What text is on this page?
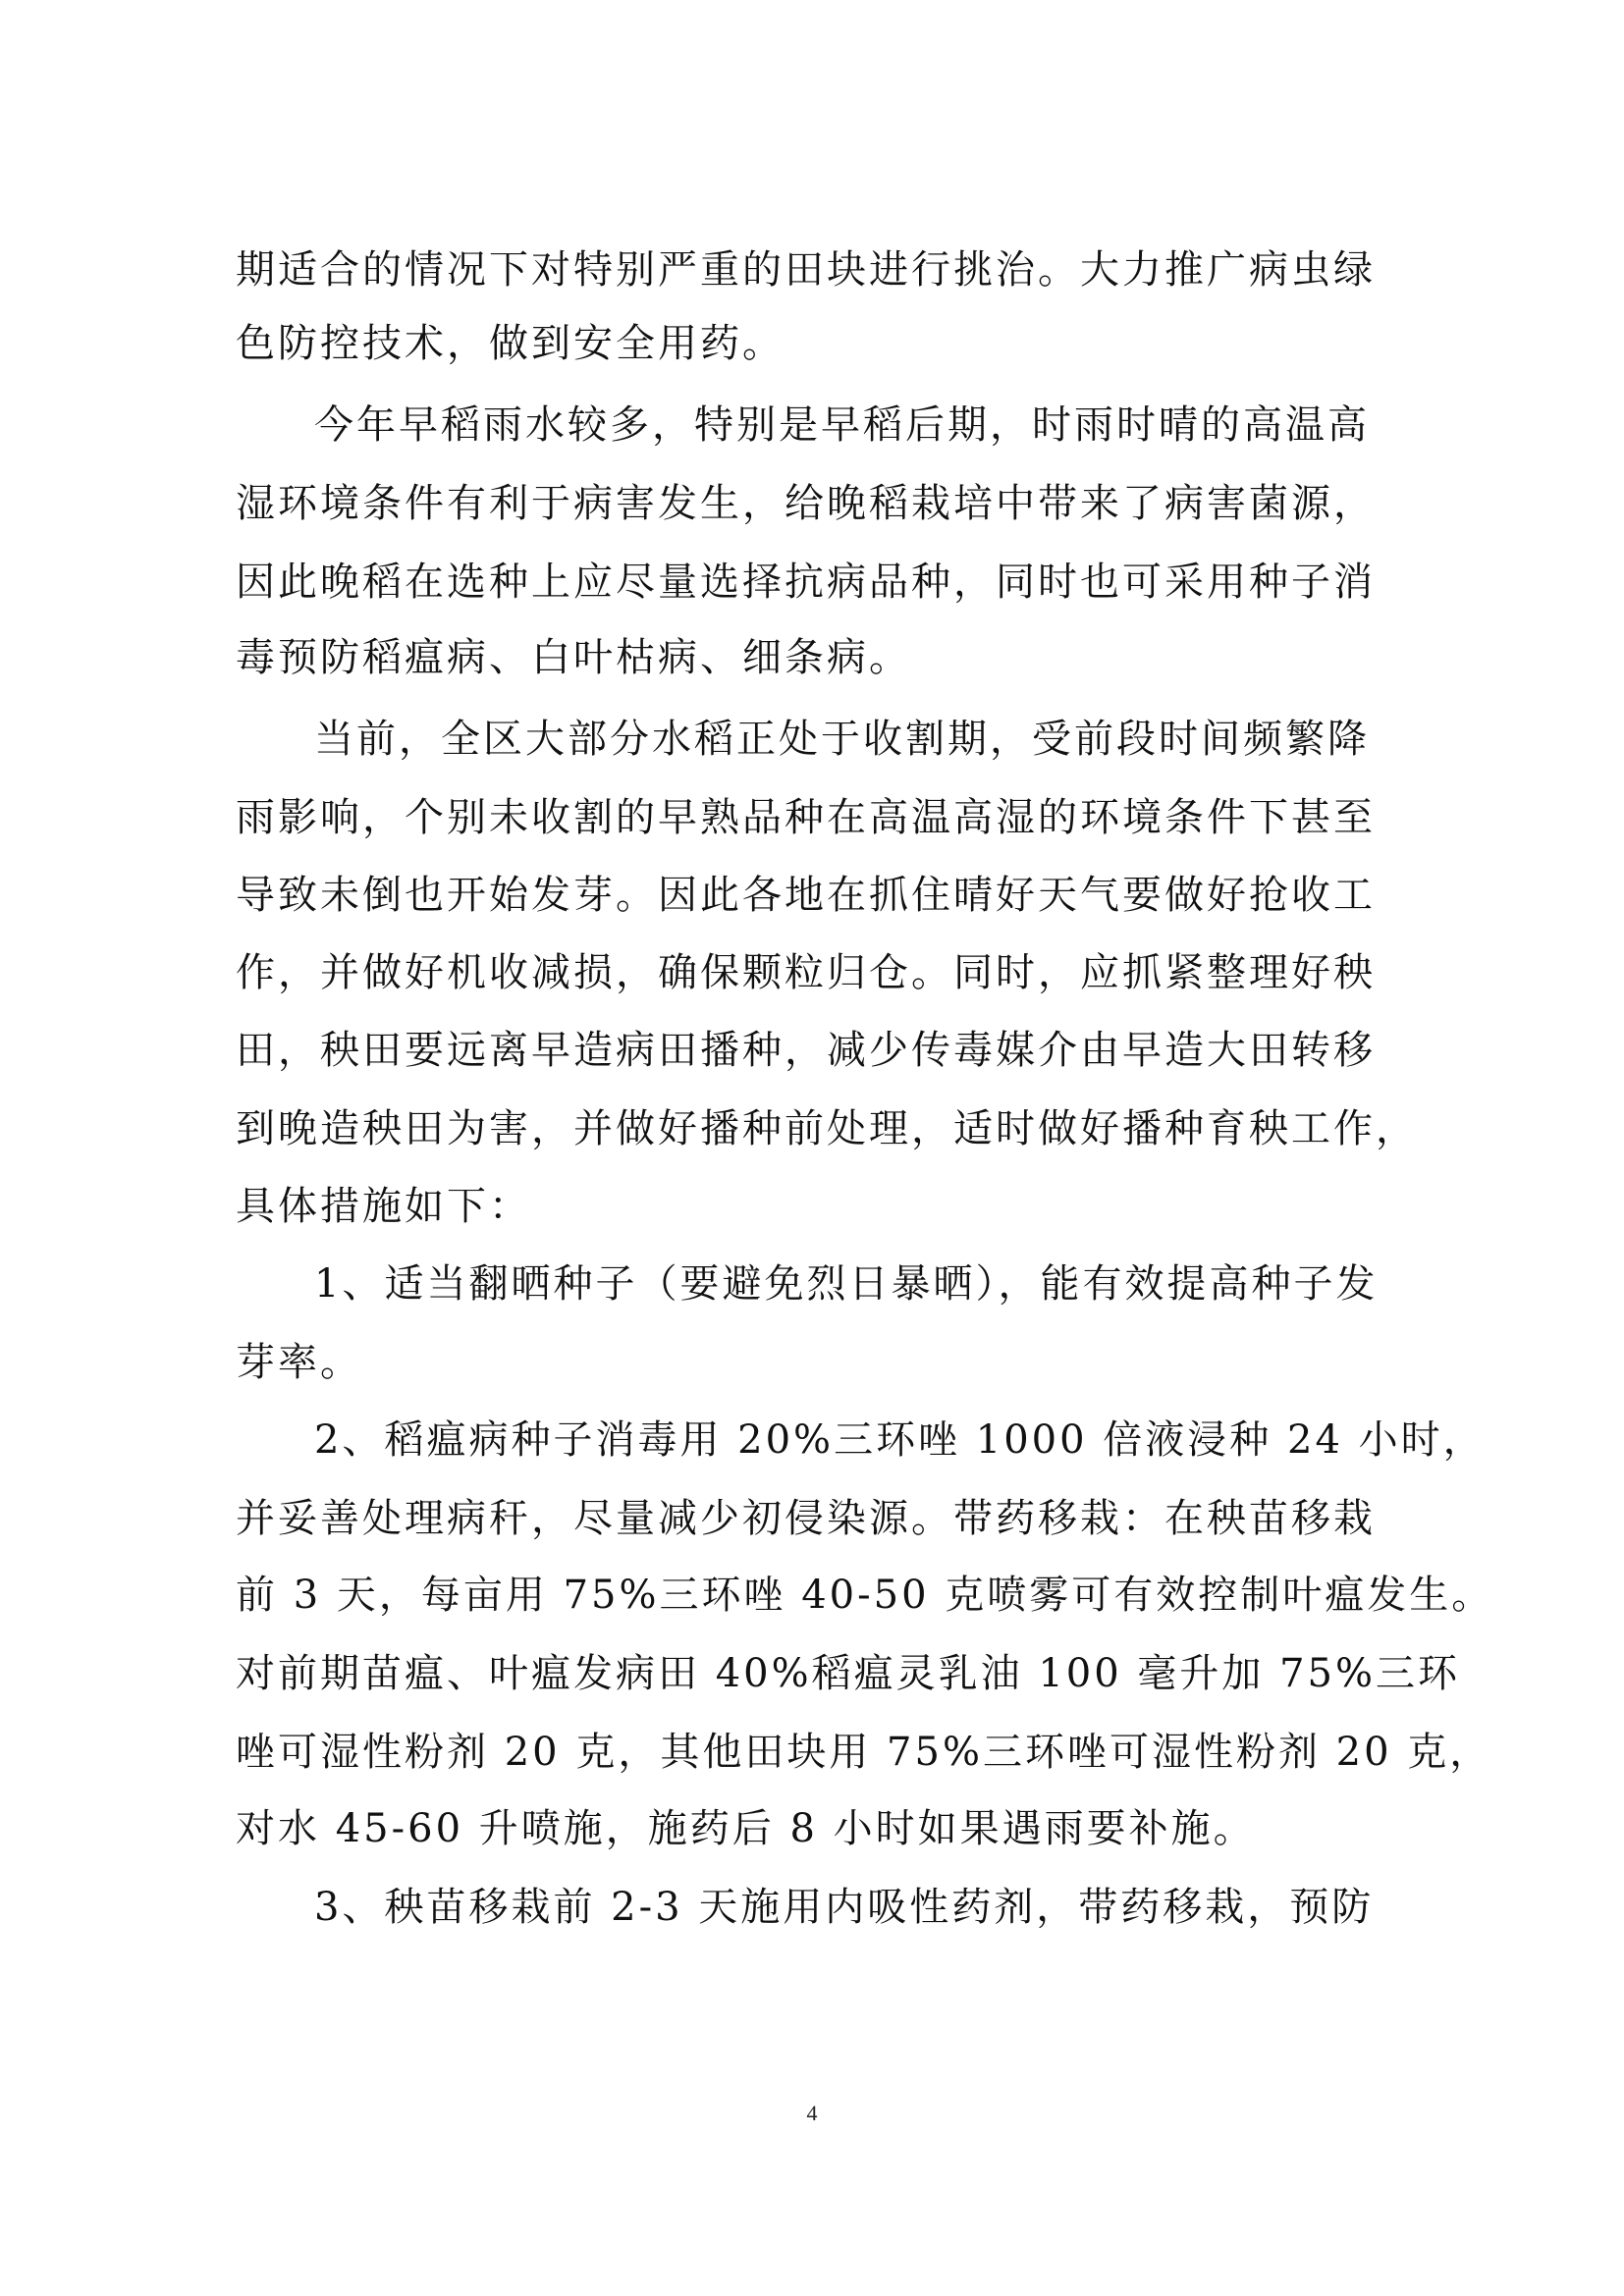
期适合的情况下对特别严重的田块进行挑治。大力推广病虫绿
色防控技术，做到安全用药。
今年早稻雨水较多，特别是早稻后期，时雨时晴的高温高
湿环境条件有利于病害发生，给晚稻栽培中带来了病害菌源，
因此晚稻在选种上应尽量选择抗病品种，同时也可采用种子消
毒预防稻瘟病、白叶枯病、细条病。
当前，全区大部分水稻正处于收割期，受前段时间频繁降
雨影响，个别未收割的早熟品种在高温高湿的环境条件下甚至
导致未倒也开始发芽。因此各地在抓住晴好天气要做好抢收工
作，并做好机收减损，确保颗粒归仓。同时，应抓紧整理好秧
田，秧田要远离早造病田播种，减少传毒媒介由早造大田转移
到晚造秧田为害，并做好播种前处理，适时做好播种育秧工作，
具体措施如下：
1、适当翻晒种子（要避免烈日暴晒），能有效提高种子发
芽率。
2、稻瘟病种子消毒用 20%三环唑 1000 倍液浸种 24 小时，
并妥善处理病秆，尽量减少初侵染源。带药移栽：在秧苗移栽
前 3 天，每亩用 75%三环唑 40-50 克喷雾可有效控制叶瘟发生。
对前期苗瘟、叶瘟发病田 40%稻瘟灵乳油 100 毫升加 75%三环
唑可湿性粉剂 20 克，其他田块用 75%三环唑可湿性粉剂 20 克，
对水 45-60 升喷施，施药后 8 小时如果遇雨要补施。
3、秧苗移栽前 2-3 天施用内吸性药剂，带药移栽，预防
4
